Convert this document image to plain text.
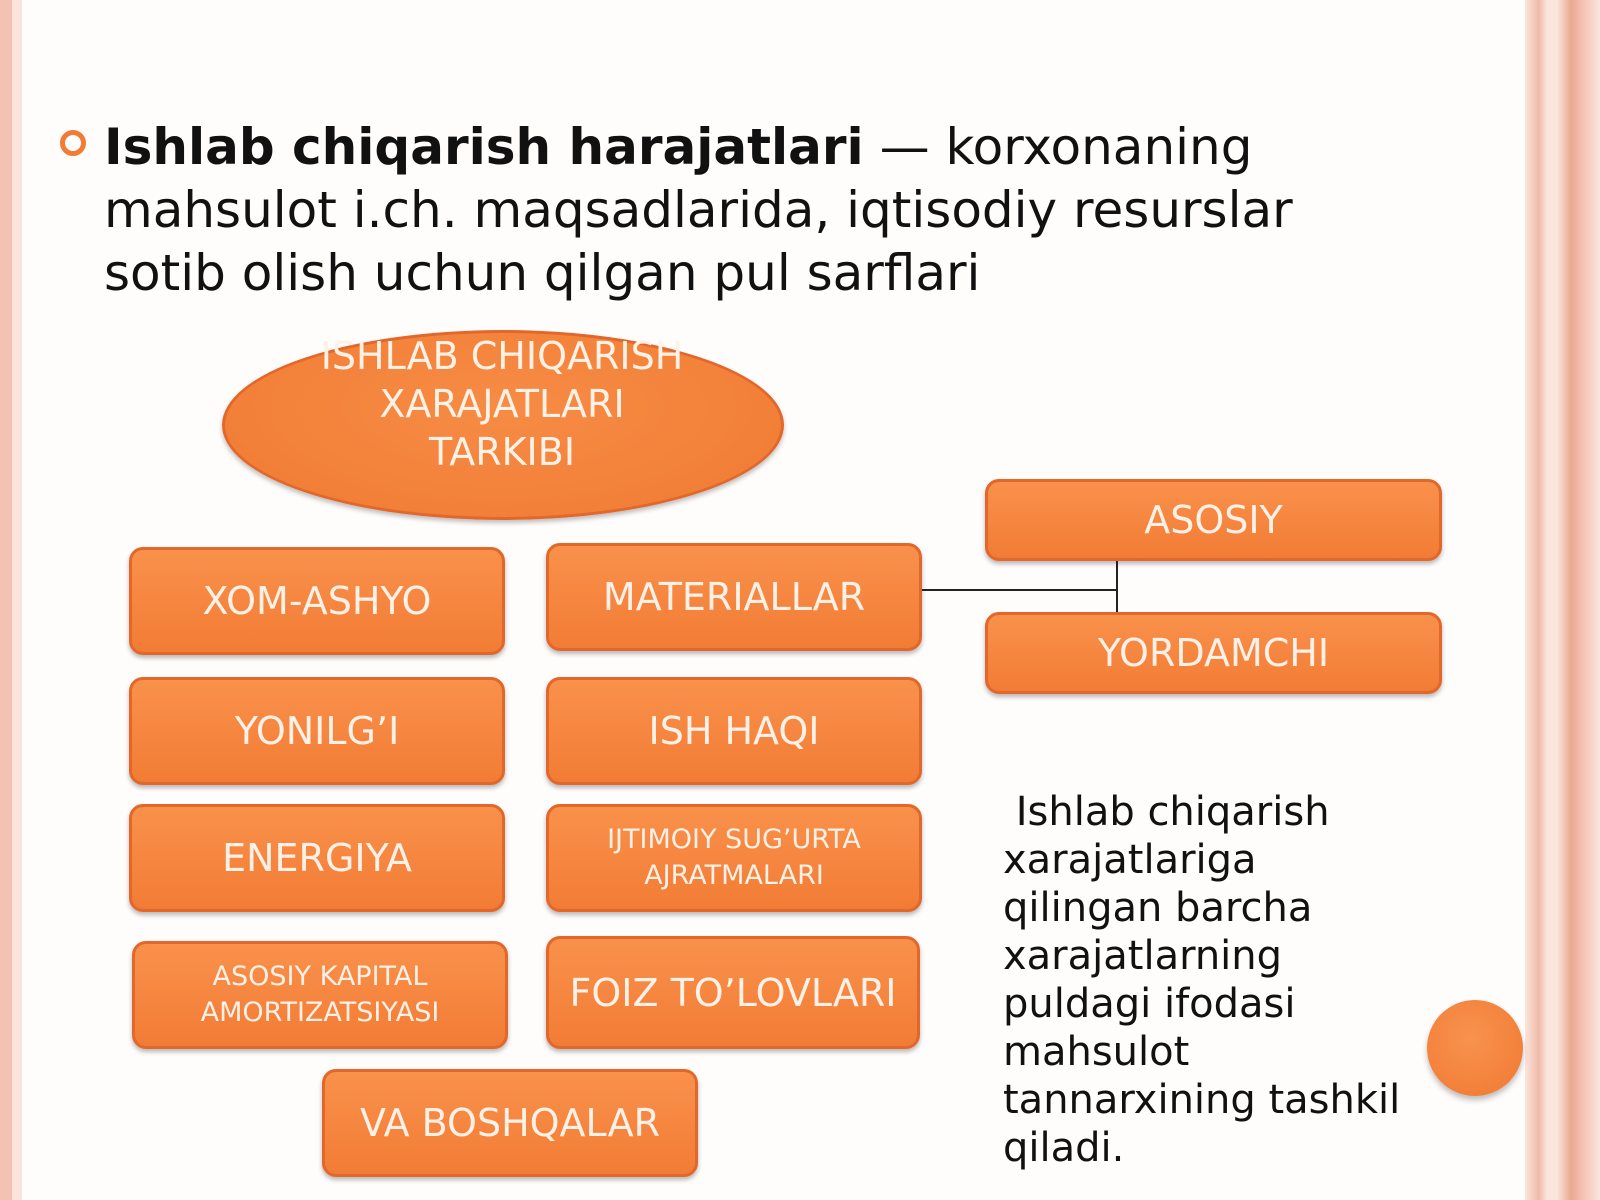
Ishlab chiqarish harajatlari — korxonaning mahsulot i.ch. maqsadlarida, iqtisodiy resurslar sotib olish uchun qilgan pul sarflari
ISHLAB CHIQARISH XARAJATLARI TARKIBI
XOM-ASHYO
YONILG’I
ENERGIYA
ASOSIY KAPITAL AMORTIZATSIYASI
MATERIALLAR
ISH HAQI
IJTIMOIY SUG’URTA AJRATMALARI
FOIZ TO’LOVLARI
VA BOSHQALAR
ASOSIY
YORDAMCHI
Ishlab chiqarish xarajatlariga qilingan barcha xarajatlarning puldagi ifodasi mahsulot tannarxining tashkil qiladi.
